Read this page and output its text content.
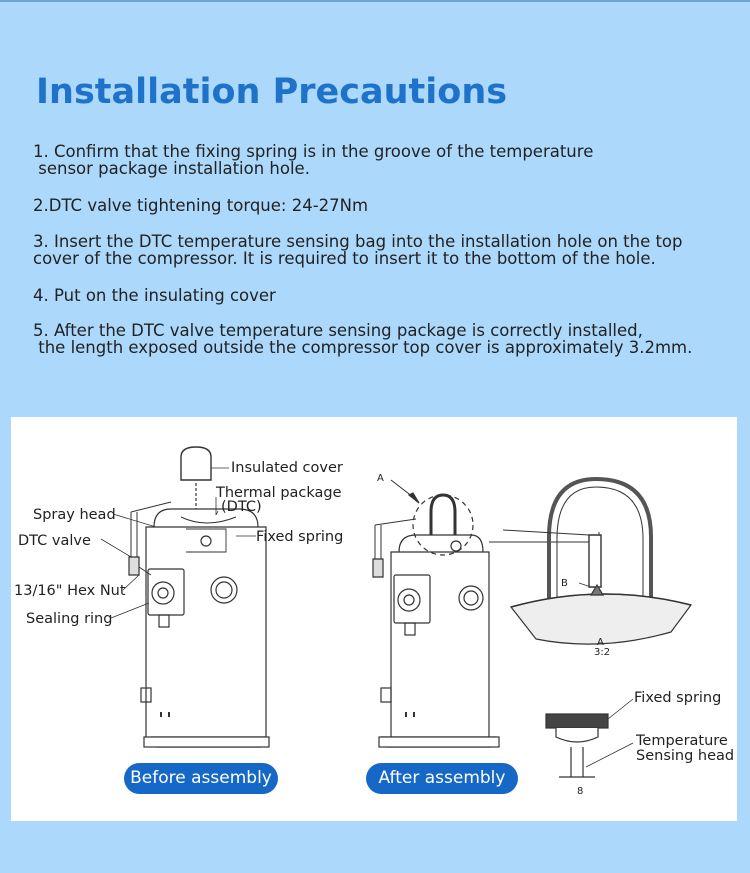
Installation Precautions
1. Confirm that the fixing spring is in the groove of the temperature
sensor package installation hole.
2.DTC valve tightening torque: 24-27Nm
3. Insert the DTC temperature sensing bag into the installation hole on the top
cover of the compressor. It is required to insert it to the bottom of the hole.
4. Put on the insulating cover
5. After the DTC valve temperature sensing package is correctly installed,
the length exposed outside the compressor top cover is approximately 3.2mm.
Insulated cover
Thermal package
(DTC)
Spray head
Fixed spring
DTC valve
13/16" Hex Nut
Sealing ring
A
B
A
3:2
8
Fixed spring
Temperature
Sensing head
Before assembly	After assembly
